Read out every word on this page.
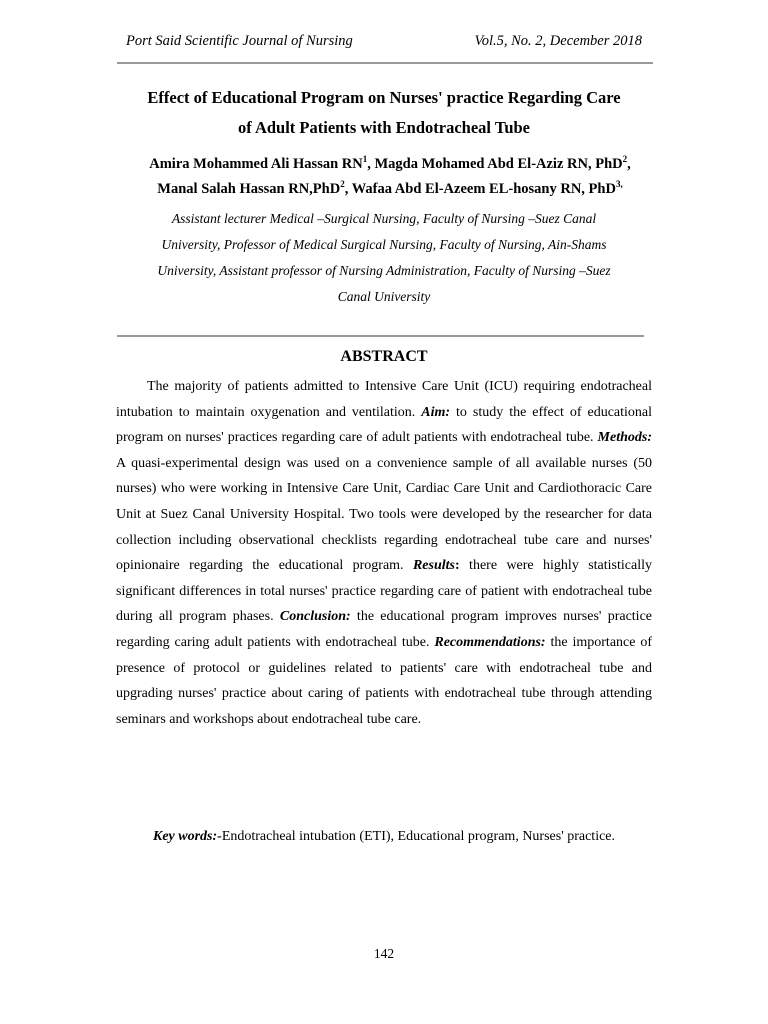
Port Said Scientific Journal of Nursing	Vol.5, No. 2, December 2018
Effect of Educational Program on Nurses' practice Regarding Care
of Adult Patients with Endotracheal Tube
Amira Mohammed Ali Hassan $RN^1$, Magda Mohamed Abd El-Aziz RN, PhD$^2$,
Manal Salah Hassan RN,PhD$^2$, Wafaa Abd El-Azeem EL-hosany RN, PhD$^{3,}$
Assistant lecturer Medical –Surgical Nursing, Faculty of Nursing –Suez Canal
University, Professor of Medical Surgical Nursing, Faculty of Nursing, Ain-Shams
University, Assistant professor of Nursing Administration, Faculty of Nursing –Suez
Canal University
ABSTRACT

The majority of patients admitted to Intensive Care Unit (ICU) requiring endotracheal intubation to maintain oxygenation and ventilation. Aim: to study the effect of educational program on nurses' practices regarding care of adult patients with endotracheal tube. Methods: A quasi-experimental design was used on a convenience sample of all available nurses (50 nurses) who were working in Intensive Care Unit, Cardiac Care Unit and Cardiothoracic Care Unit at Suez Canal University Hospital. Two tools were developed by the researcher for data collection including observational checklists regarding endotracheal tube care and nurses' opinionaire regarding the educational program. Results: there were highly statistically significant differences in total nurses' practice regarding care of patient with endotracheal tube during all program phases. Conclusion: the educational program improves nurses' practice regarding caring adult patients with endotracheal tube. Recommendations: the importance of presence of protocol or guidelines related to patients' care with endotracheal tube and upgrading nurses' practice about caring of patients with endotracheal tube through attending seminars and workshops about endotracheal tube care.

Key words:-Endotracheal intubation (ETI), Educational program, Nurses' practice.
142
